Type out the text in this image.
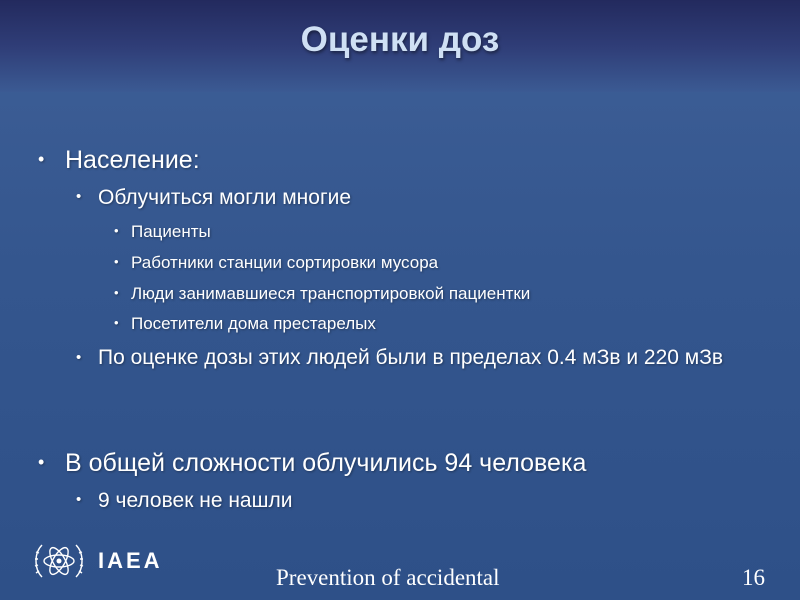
Оценки доз
• Население:
• Облучиться могли многие
• Пациенты
• Работники станции сортировки мусора
• Люди занимавшиеся транспортировкой пациентки
• Посетители дома престарелых
• По оценке дозы этих людей были в пределах 0.4 мЗв и 220 мЗв
• В общей сложности облучились 94 человека
• 9 человек не нашли
IAEA
Prevention of accidental	16
